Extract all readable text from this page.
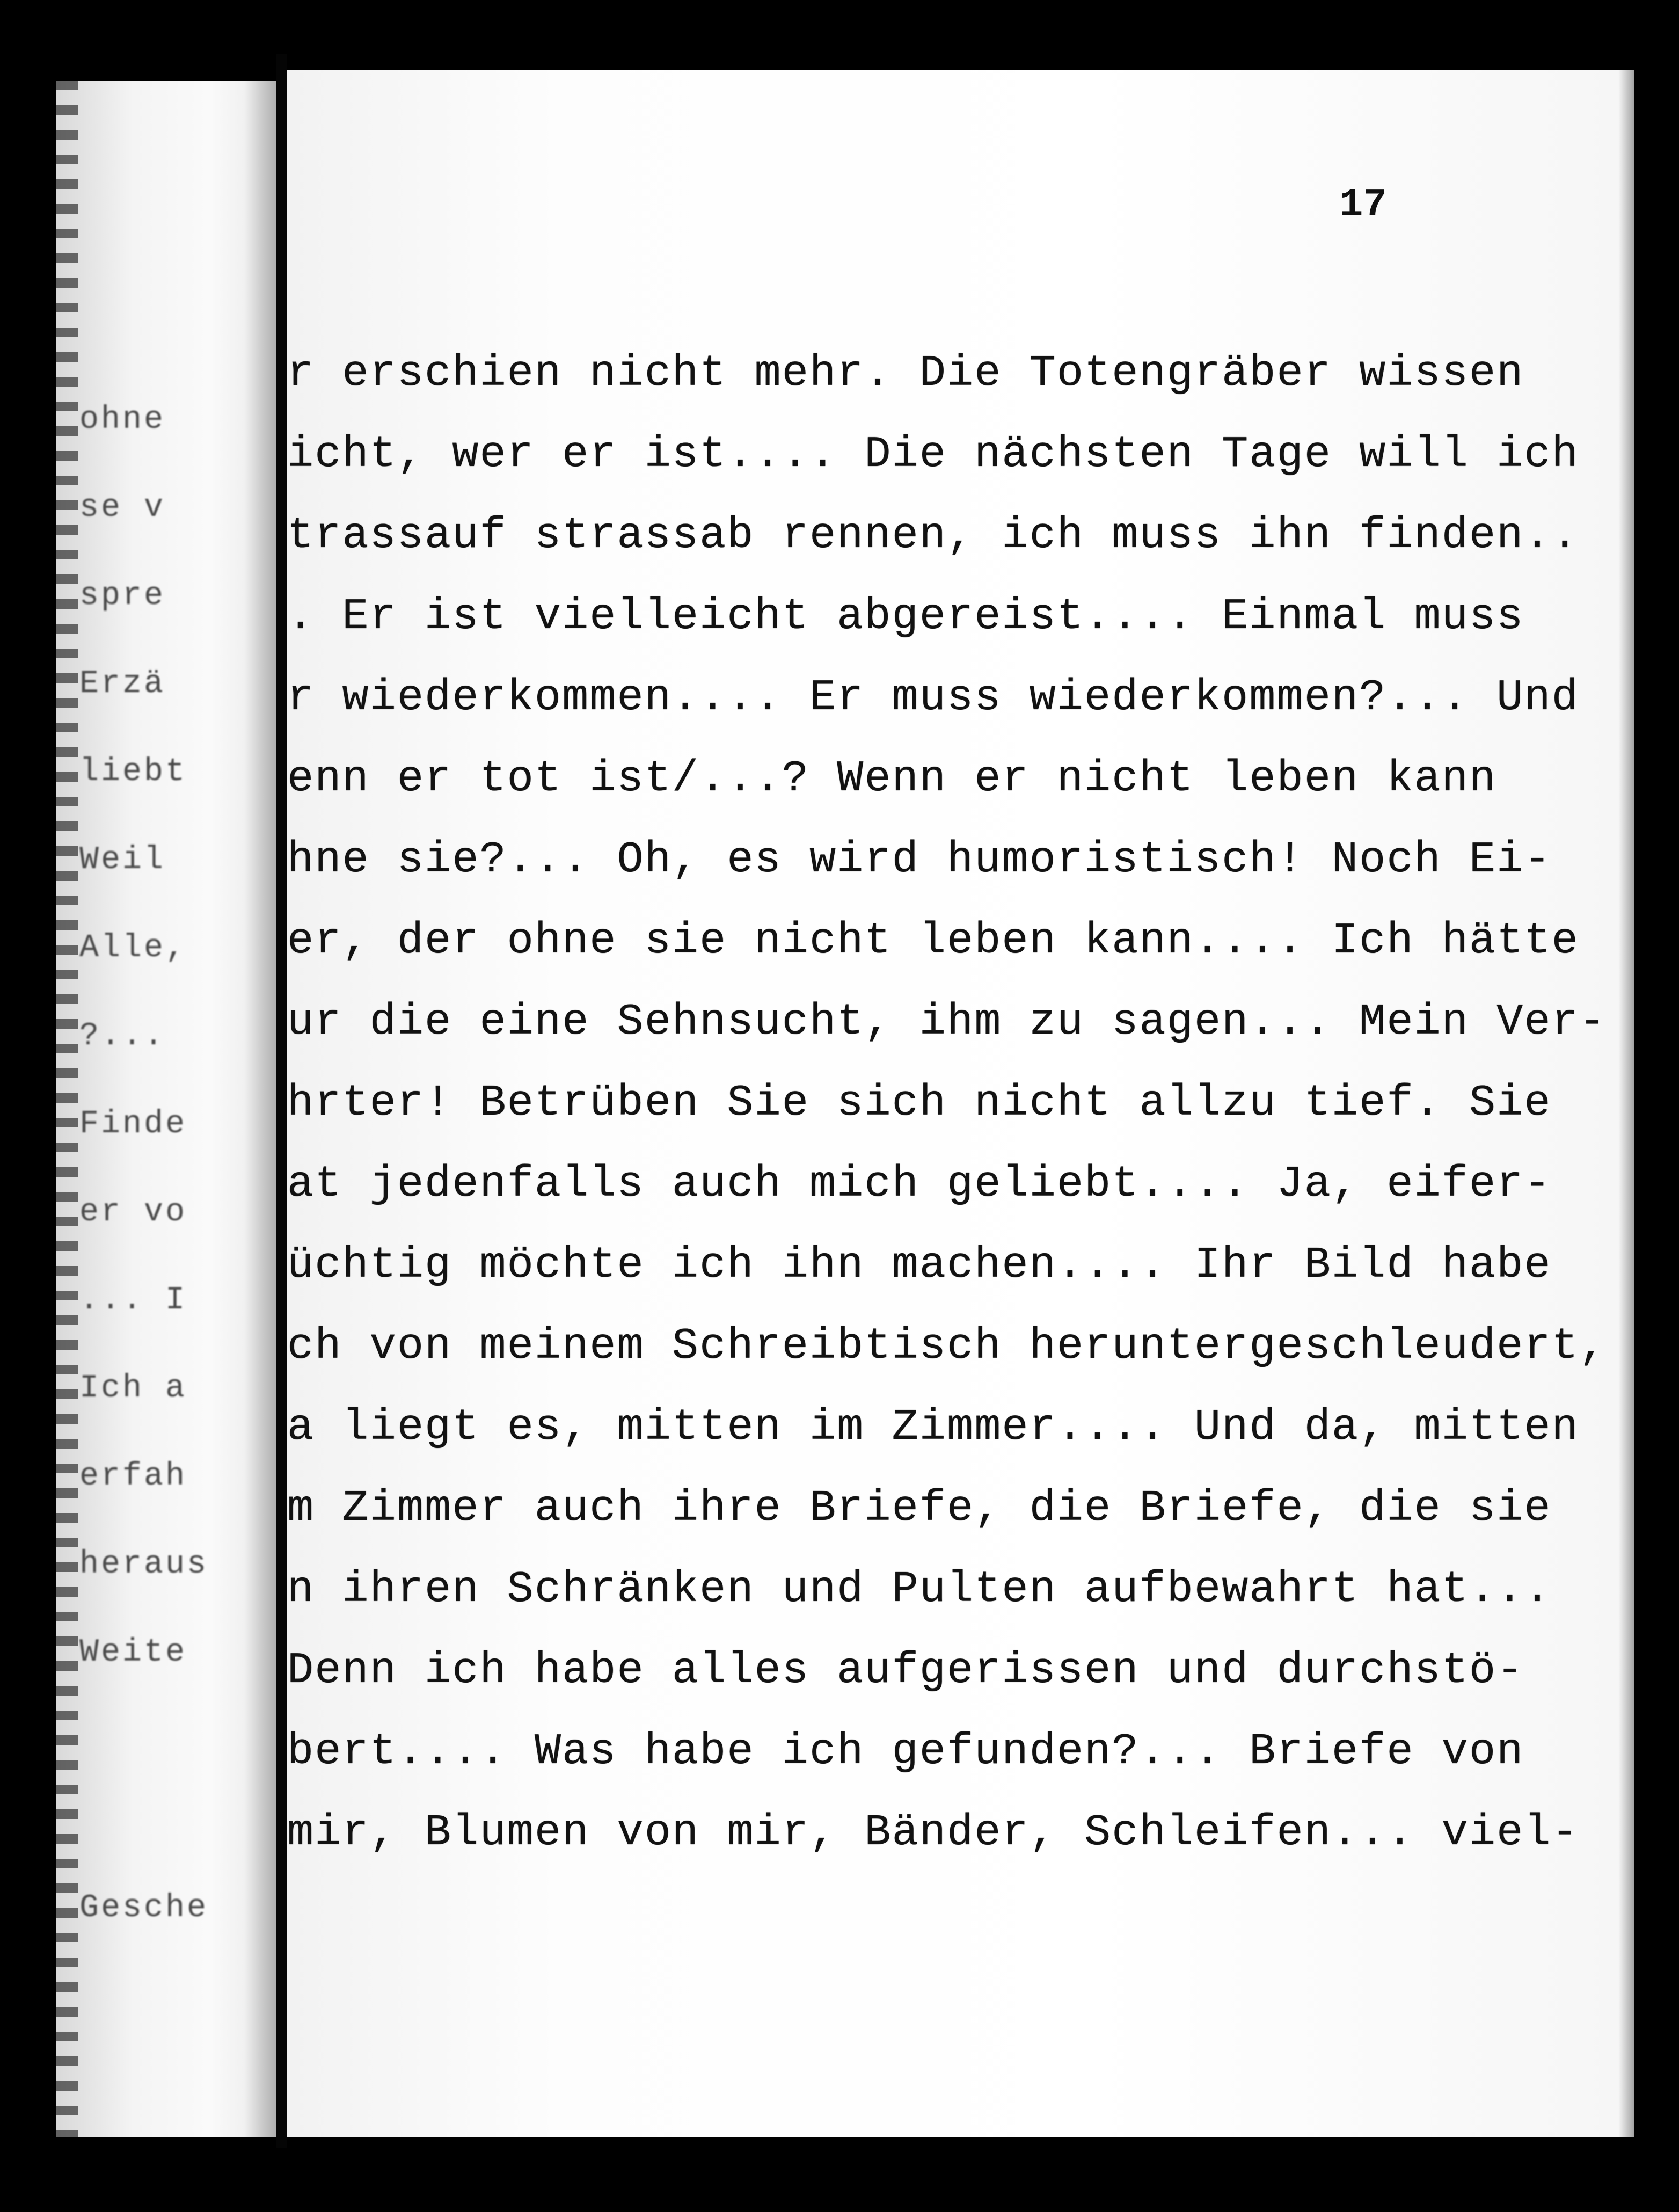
ohne
se v
spre
Erzä
liebt
Weil
Alle,
?...
Finde
er vo
... I
Ich a
erfah
heraus
Weite
Gesche
17
r erschien nicht mehr. Die Totengräber wissen
icht, wer er ist.... Die nächsten Tage will ich
trassauf strassab rennen, ich muss ihn finden..
. Er ist vielleicht abgereist.... Einmal muss
r wiederkommen.... Er muss wiederkommen?... Und
enn er tot ist/...? Wenn er nicht leben kann
hne sie?... Oh, es wird humoristisch! Noch Ei-
er, der ohne sie nicht leben kann.... Ich hätte
ur die eine Sehnsucht, ihm zu sagen... Mein Ver-
hrter! Betrüben Sie sich nicht allzu tief. Sie
at jedenfalls auch mich geliebt.... Ja, eifer-
üchtig möchte ich ihn machen.... Ihr Bild habe
ch von meinem Schreibtisch heruntergeschleudert,
a liegt es, mitten im Zimmer.... Und da, mitten
m Zimmer auch ihre Briefe, die Briefe, die sie
n ihren Schränken und Pulten aufbewahrt hat...
Denn ich habe alles aufgerissen und durchstö-
bert.... Was habe ich gefunden?... Briefe von
mir, Blumen von mir, Bänder, Schleifen... viel-
